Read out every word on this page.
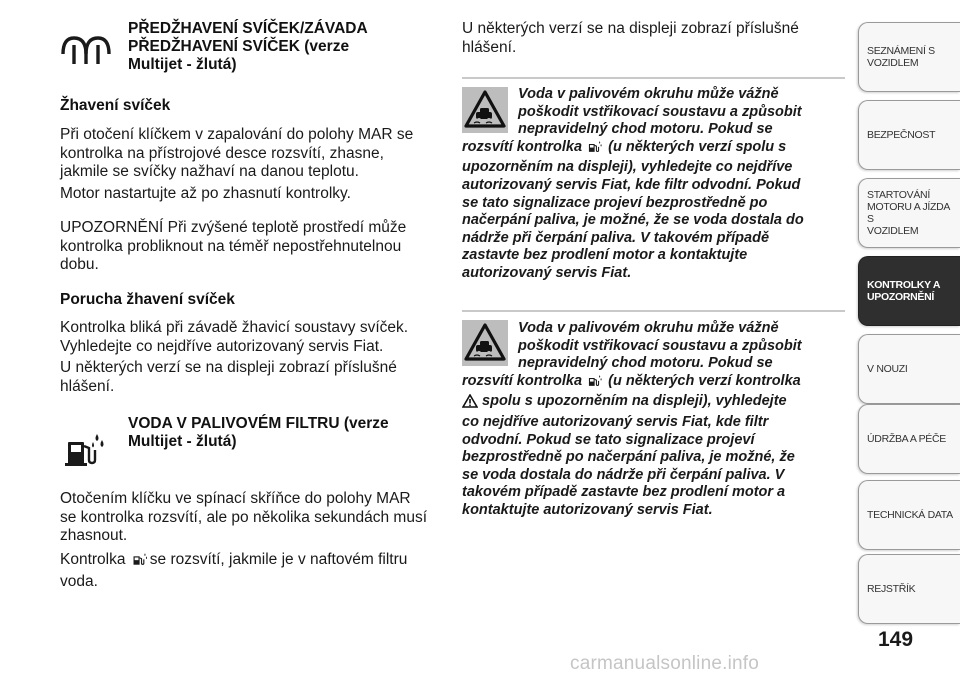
PŘEDŽHAVENÍ SVÍČEK/ZÁVADA
PŘEDŽHAVENÍ SVÍČEK (verze
Multijet - žlutá)
Žhavení svíček
Při otočení klíčkem v zapalování do polohy MAR se
kontrolka na přístrojové desce rozsvítí, zhasne,
jakmile se svíčky nažhaví na danou teplotu.
Motor nastartujte až po zhasnutí kontrolky.
UPOZORNĚNÍ Při zvýšené teplotě prostředí může
kontrolka probliknout na téměř nepostřehnutelnou
dobu.
Porucha žhavení svíček
Kontrolka bliká při závadě žhavicí soustavy svíček.
Vyhledejte co nejdříve autorizovaný servis Fiat.
U některých verzí se na displeji zobrazí příslušné
hlášení.
VODA V PALIVOVÉM FILTRU (verze
Multijet - žlutá)
Otočením klíčku ve spínací skříňce do polohy MAR
se kontrolka rozsvítí, ale po několika sekundách musí
zhasnout.
Kontrolka se rozsvítí, jakmile je v naftovém filtru
voda.
U některých verzí se na displeji zobrazí příslušné
hlášení.
Voda v palivovém okruhu může vážně
poškodit vstřikovací soustavu a způsobit
nepravidelný chod motoru. Pokud se
rozsvítí kontrolka (u některých verzí spolu s
upozorněním na displeji), vyhledejte co nejdříve
autorizovaný servis Fiat, kde filtr odvodní. Pokud
se tato signalizace projeví bezprostředně po
načerpání paliva, je možné, že se voda dostala do
nádrže při čerpání paliva. V takovém případě
zastavte bez prodlení motor a kontaktujte
autorizovaný servis Fiat.
Voda v palivovém okruhu může vážně
poškodit vstřikovací soustavu a způsobit
nepravidelný chod motoru. Pokud se
rozsvítí kontrolka (u některých verzí kontrolka
spolu s upozorněním na displeji), vyhledejte
co nejdříve autorizovaný servis Fiat, kde filtr
odvodní. Pokud se tato signalizace projeví
bezprostředně po načerpání paliva, je možné, že
se voda dostala do nádrže při čerpání paliva. V
takovém případě zastavte bez prodlení motor a
kontaktujte autorizovaný servis Fiat.
SEZNÁMENÍ S
VOZIDLEM
BEZPEČNOST
STARTOVÁNÍ
MOTORU A JÍZDA S
VOZIDLEM
KONTROLKY A
UPOZORNĚNÍ
V NOUZI
ÚDRŽBA A PÉČE
TECHNICKÁ DATA
REJSTŘÍK
149
carmanualsonline.info
